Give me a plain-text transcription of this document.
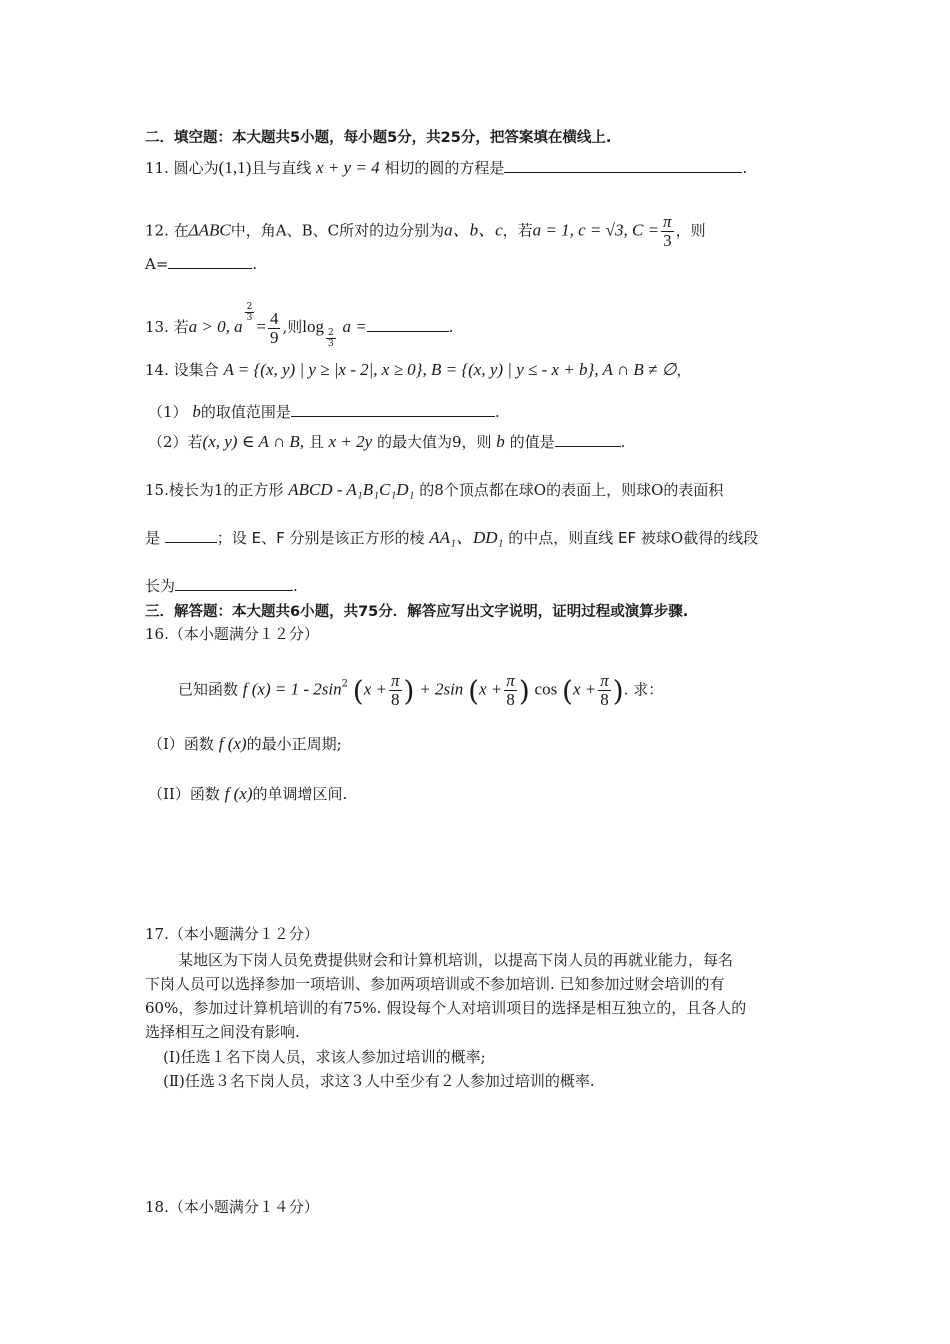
二．填空题：本大题共5小题，每小题5分，共25分，把答案填在横线上.
11. 圆心为(1,1)且与直线 x + y = 4 相切的圆的方程是	.
12. 在ΔABC中，角A、B、C所对的边分别为a、b、c，若a = 1, c = √3, $C = \frac{\pi}{3}$ ，则
A=	.
13. 若a > 0, a
$\frac{2}{3}$
= $\frac{4}{9}$ ,则log
$\frac{2}{3}$
a =	.
14. 设集合 A = {(x, y) | y ≥ |x - 2|, x ≥ 0}, B = {(x, y) | y ≤ - x + b}, A ∩ B ≠ ∅，
（1） b的取值范围是	.
（2）若(x, y) ∈ A ∩ B, 且 x + 2y 的最大值为9，则 b 的值是	.
15.棱长为1的正方形 ABCD - A₁B₁C₁D₁ 的8个顶点都在球O的表面上，则球O的表面积
是	；设 E、F 分别是该正方形的棱 AA₁、DD₁ 的中点，则直线 EF 被球O截得的线段
长为	.
三．解答题：本大题共6小题，共75分．解答应写出文字说明，证明过程或演算步骤.
16.（本小题满分１２分）
已知函数 f $(x) = 1 - 2\sin^2$ ($x + \frac{\pi}{8}$ ) + 2sin ($x + \frac{\pi}{8}$ ) $\cos (x + \frac{\pi}{8}$ ). 求：
（I）函数 f (x)的最小正周期;
（II）函数 f (x)的单调增区间.
17.（本小题满分１２分）
某地区为下岗人员免费提供财会和计算机培训，以提高下岗人员的再就业能力，每名
下岗人员可以选择参加一项培训、参加两项培训或不参加培训. 已知参加过财会培训的有
60%，参加过计算机培训的有75%. 假设每个人对培训项目的选择是相互独立的，且各人的
选择相互之间没有影响.
(Ⅰ)任选１名下岗人员，求该人参加过培训的概率;
(Ⅱ)任选３名下岗人员，求这３人中至少有２人参加过培训的概率.
18.（本小题满分１４分）
